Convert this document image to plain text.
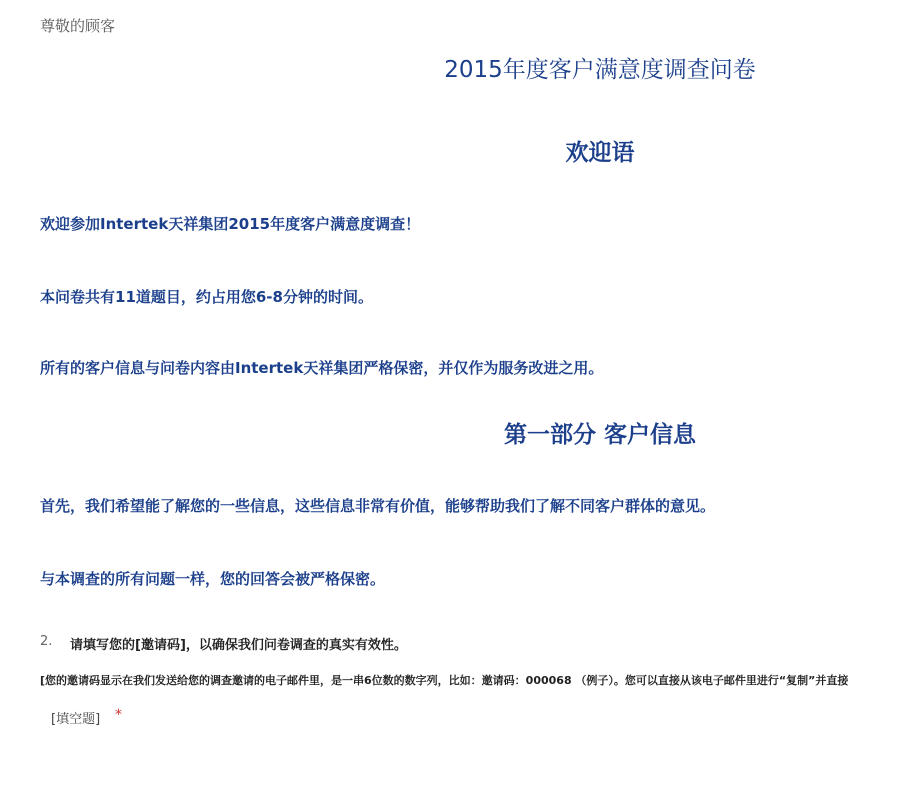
尊敬的顾客
2015年度客户满意度调查问卷
欢迎语
欢迎参加Intertek天祥集团2015年度客户满意度调查！
本问卷共有11道题目，约占用您6-8分钟的时间。
所有的客户信息与问卷内容由Intertek天祥集团严格保密，并仅作为服务改进之用。
第一部分 客户信息
首先，我们希望能了解您的一些信息，这些信息非常有价值，能够帮助我们了解不同客户群体的意见。
与本调查的所有问题一样，您的回答会被严格保密。
2. 请填写您的[邀请码]，以确保我们问卷调查的真实有效性。
[您的邀请码显示在我们发送给您的调查邀请的电子邮件里，是一串6位数的数字列，比如：邀请码：000068 （例子）。您可以直接从该电子邮件里进行“复制”并直接
[填空题] *
